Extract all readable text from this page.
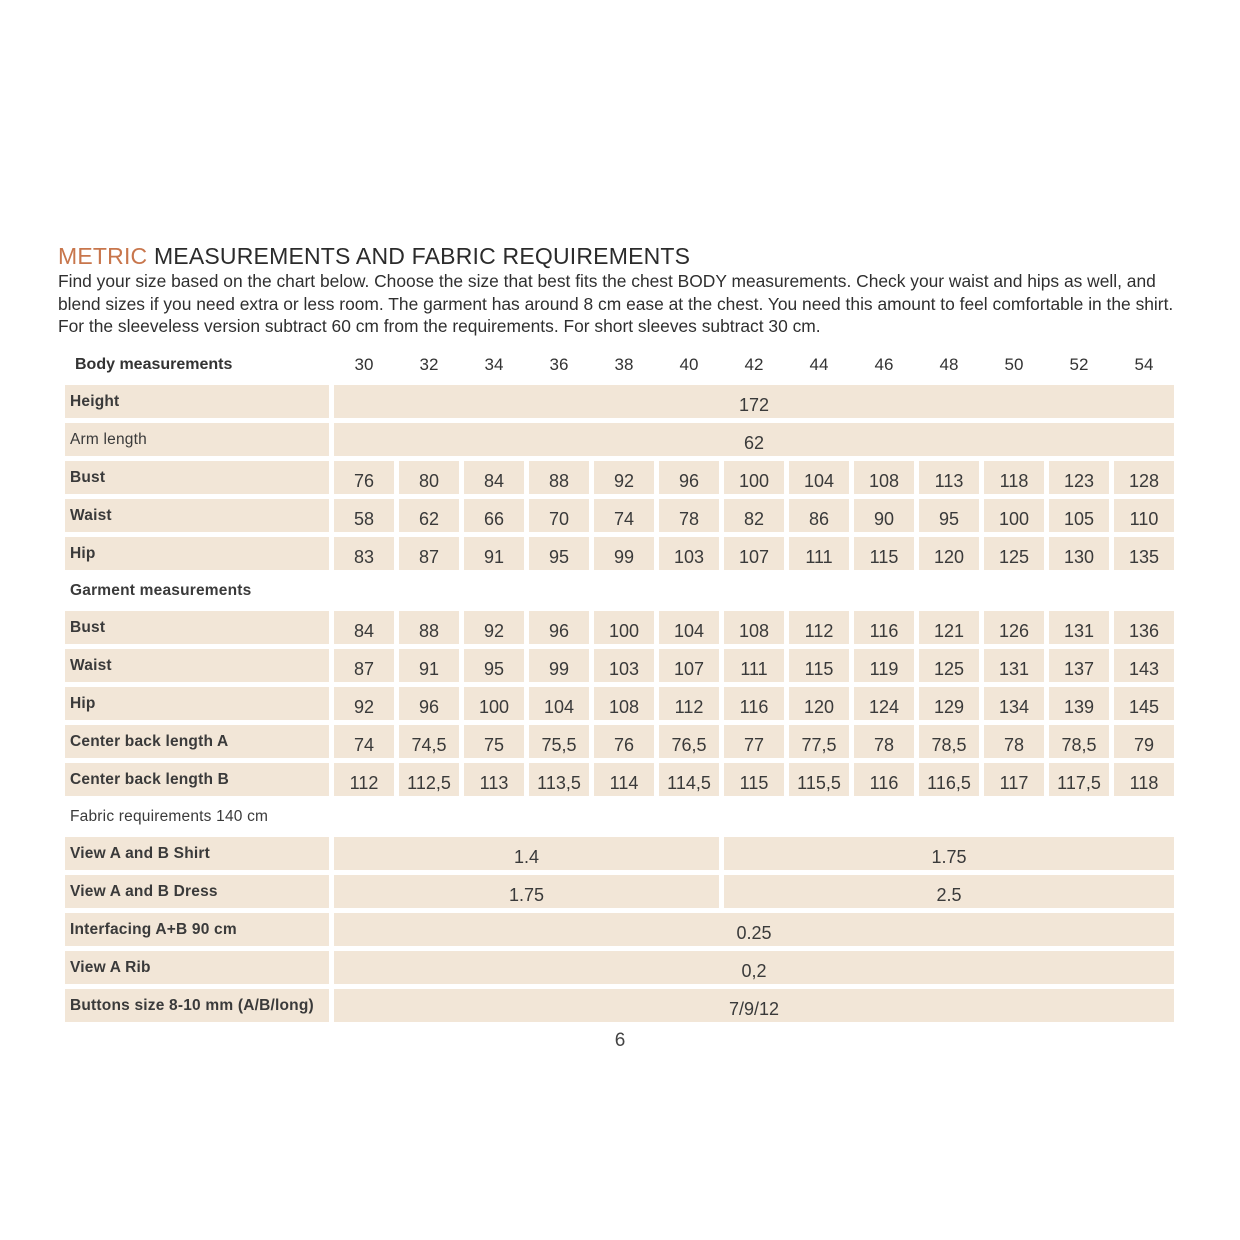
METRIC MEASUREMENTS AND FABRIC REQUIREMENTS

Find your size based on the chart below. Choose the size that best fits the chest BODY measurements. Check your waist and hips as well, and blend sizes if you need extra or less room. The garment has around 8 cm ease at the chest. You need this amount to feel comfortable in the shirt. For the sleeveless version subtract 60 cm from the requirements. For short sleeves subtract 30 cm.

Body measurements	30	32	34	36	38	40	42	44	46	48	50	52	54
Height	172												
Arm length	62												
Bust	76	80	84	88	92	96	100	104	108	113	118	123	128
Waist	58	62	66	70	74	78	82	86	90	95	100	105	110
Hip	83	87	91	95	99	103	107	111	115	120	125	130	135
Garment measurements													
Bust	84	88	92	96	100	104	108	112	116	121	126	131	136
Waist	87	91	95	99	103	107	111	115	119	125	131	137	143
Hip	92	96	100	104	108	112	116	120	124	129	134	139	145
Center back length A	74	74,5	75	75,5	76	76,5	77	77,5	78	78,5	78	78,5	79
Center back length B	112	112,5	113	113,5	114	114,5	115	115,5	116	116,5	117	117,5	118
Fabric requirements 140 cm													
View A and B Shirt	1.4						1.75						
View A and B Dress	1.75						2.5						
Interfacing A+B 90 cm	0.25												
View A Rib	0,2												
Buttons size 8-10 mm (A/B/long)	7/9/12												
6
